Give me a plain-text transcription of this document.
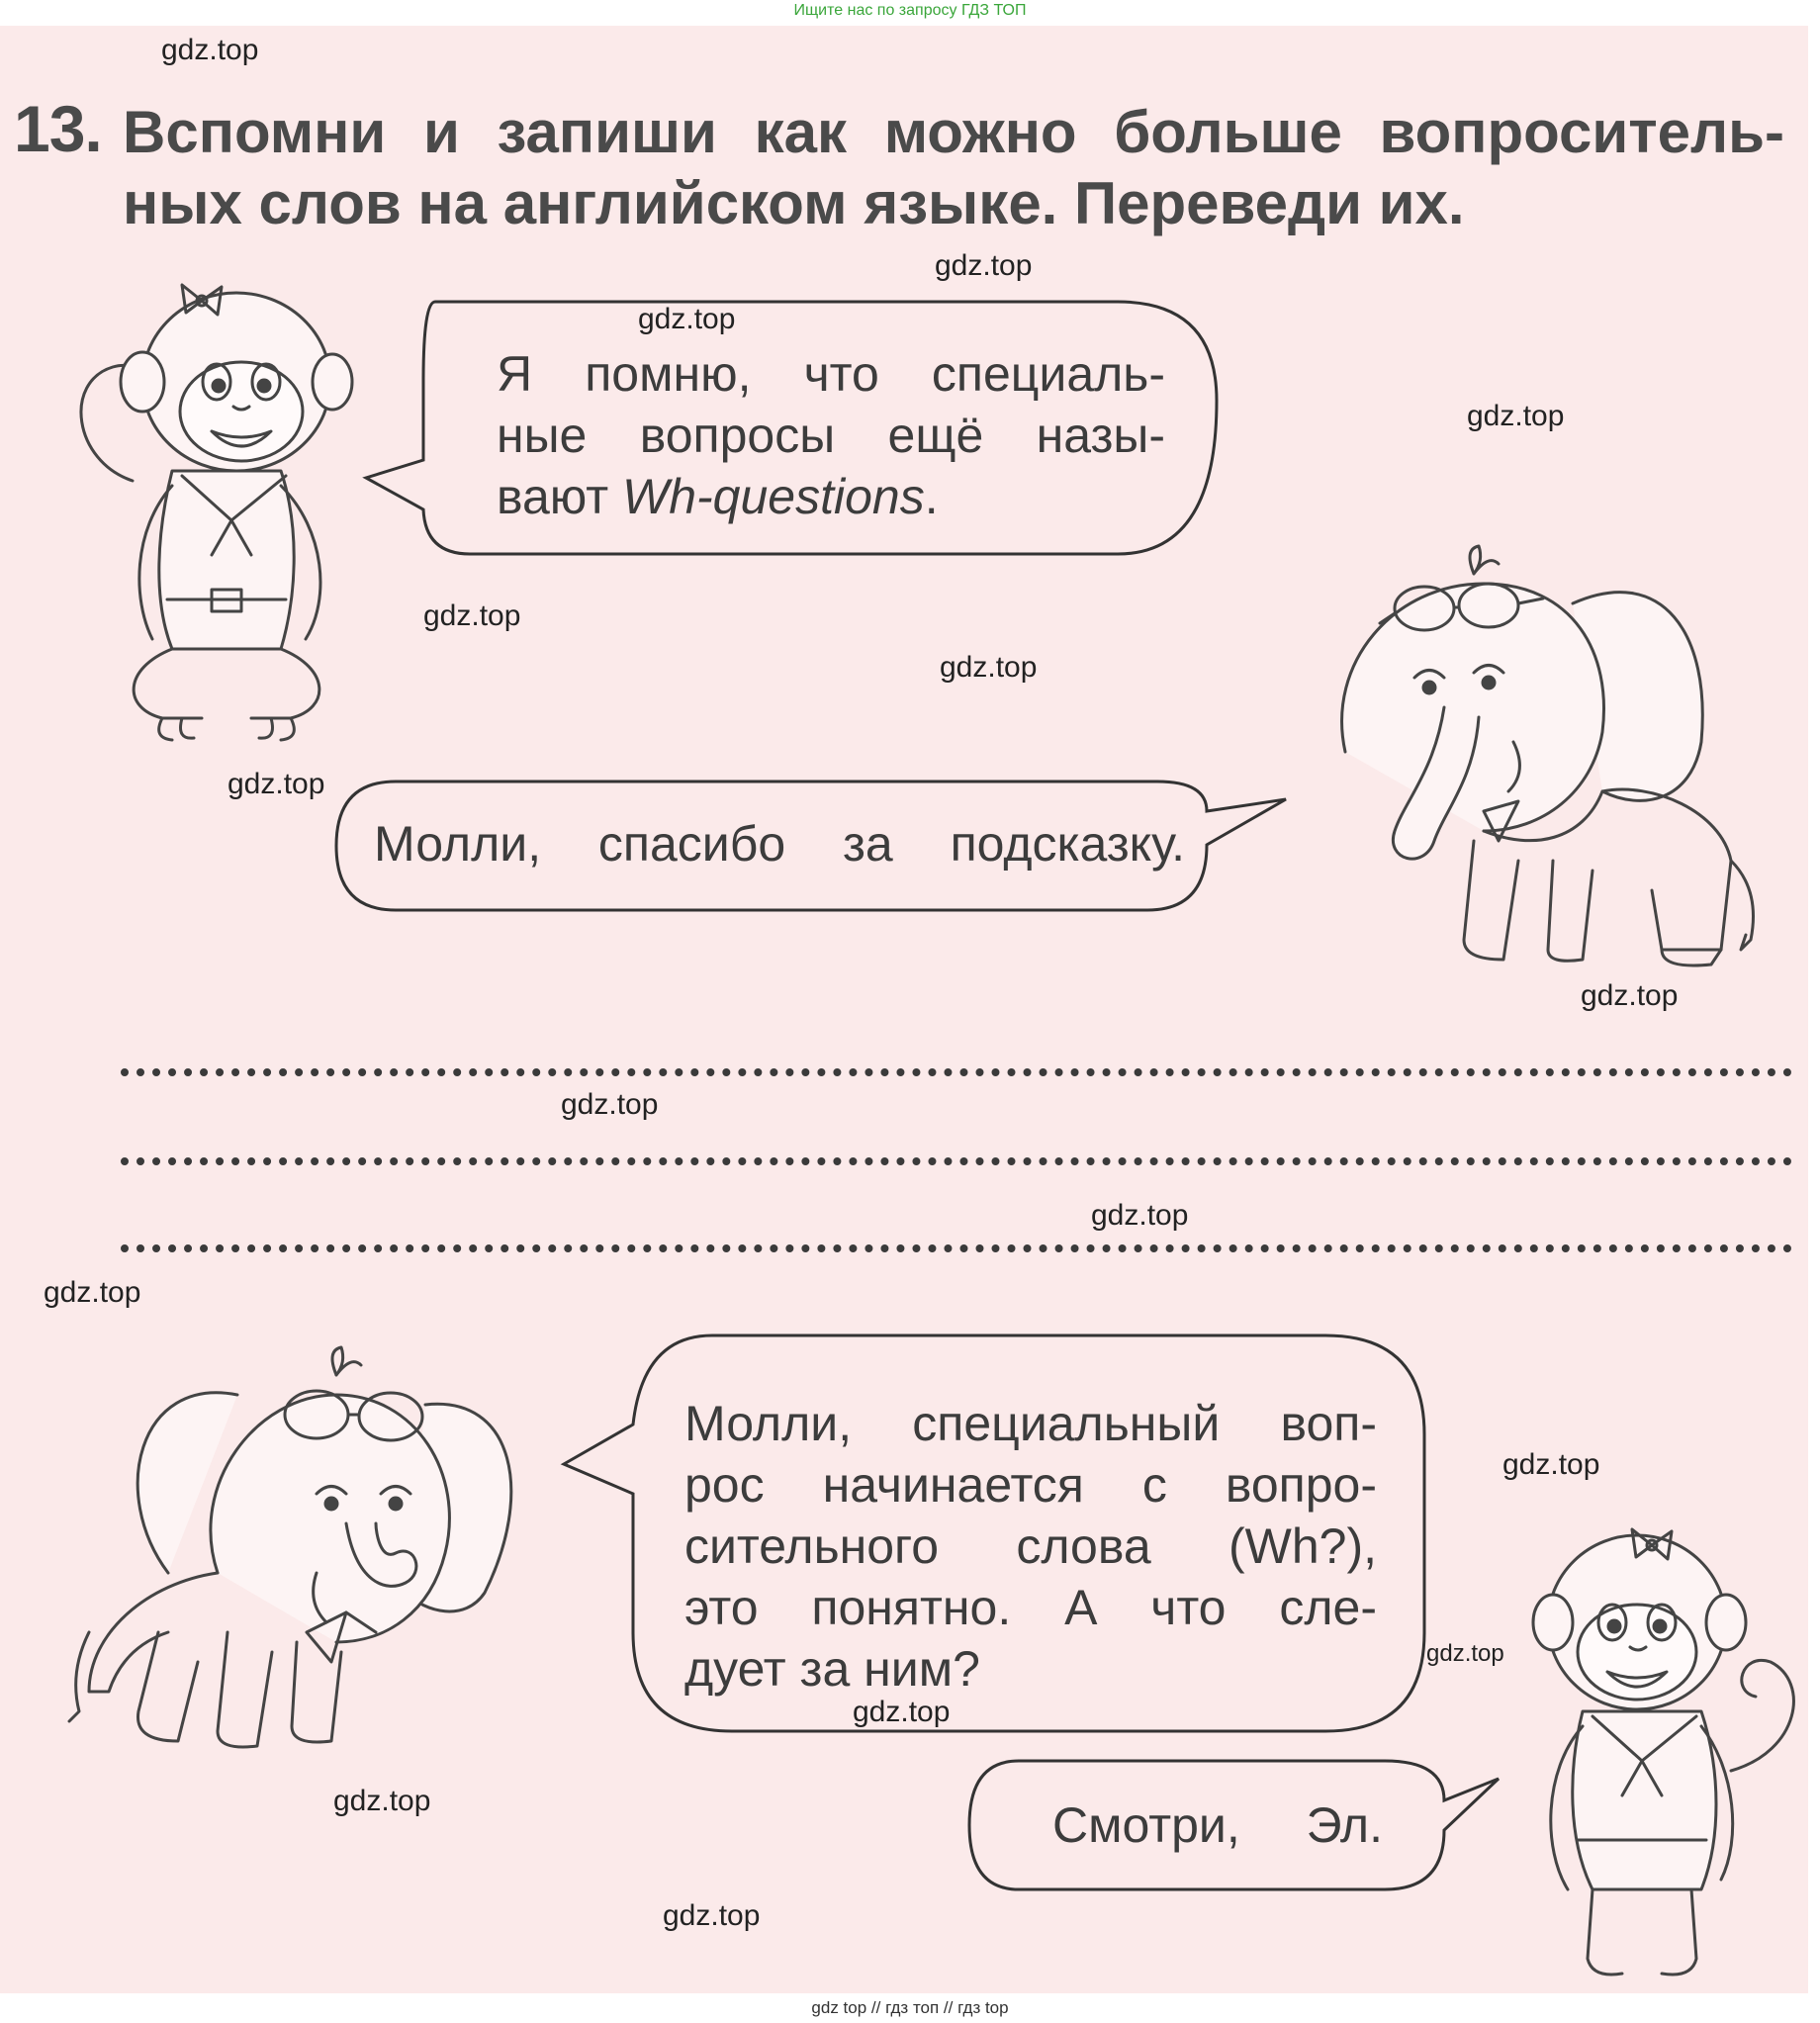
Ищите нас по запросу ГДЗ ТОП
13. Вспомни и запиши как можно больше вопроситель-
ных слов на английском языке. Переведи их.
Я помню, что специаль-
ные вопросы ещё назы-
вают Wh-questions.
Молли, спасибо за подсказку.
Молли, специальный воп-
рос начинается с вопро-
сительного слова (Wh?),
это понятно. А что сле-
дует за ним?
Смотри, Эл.
gdz.top
gdz.top
gdz.top
gdz.top
gdz.top
gdz.top
gdz.top
gdz.top
gdz.top
gdz.top
gdz.top
gdz.top
gdz.top
gdz.top
gdz.top
gdz.top
gdz top // гдз топ // гдз top
